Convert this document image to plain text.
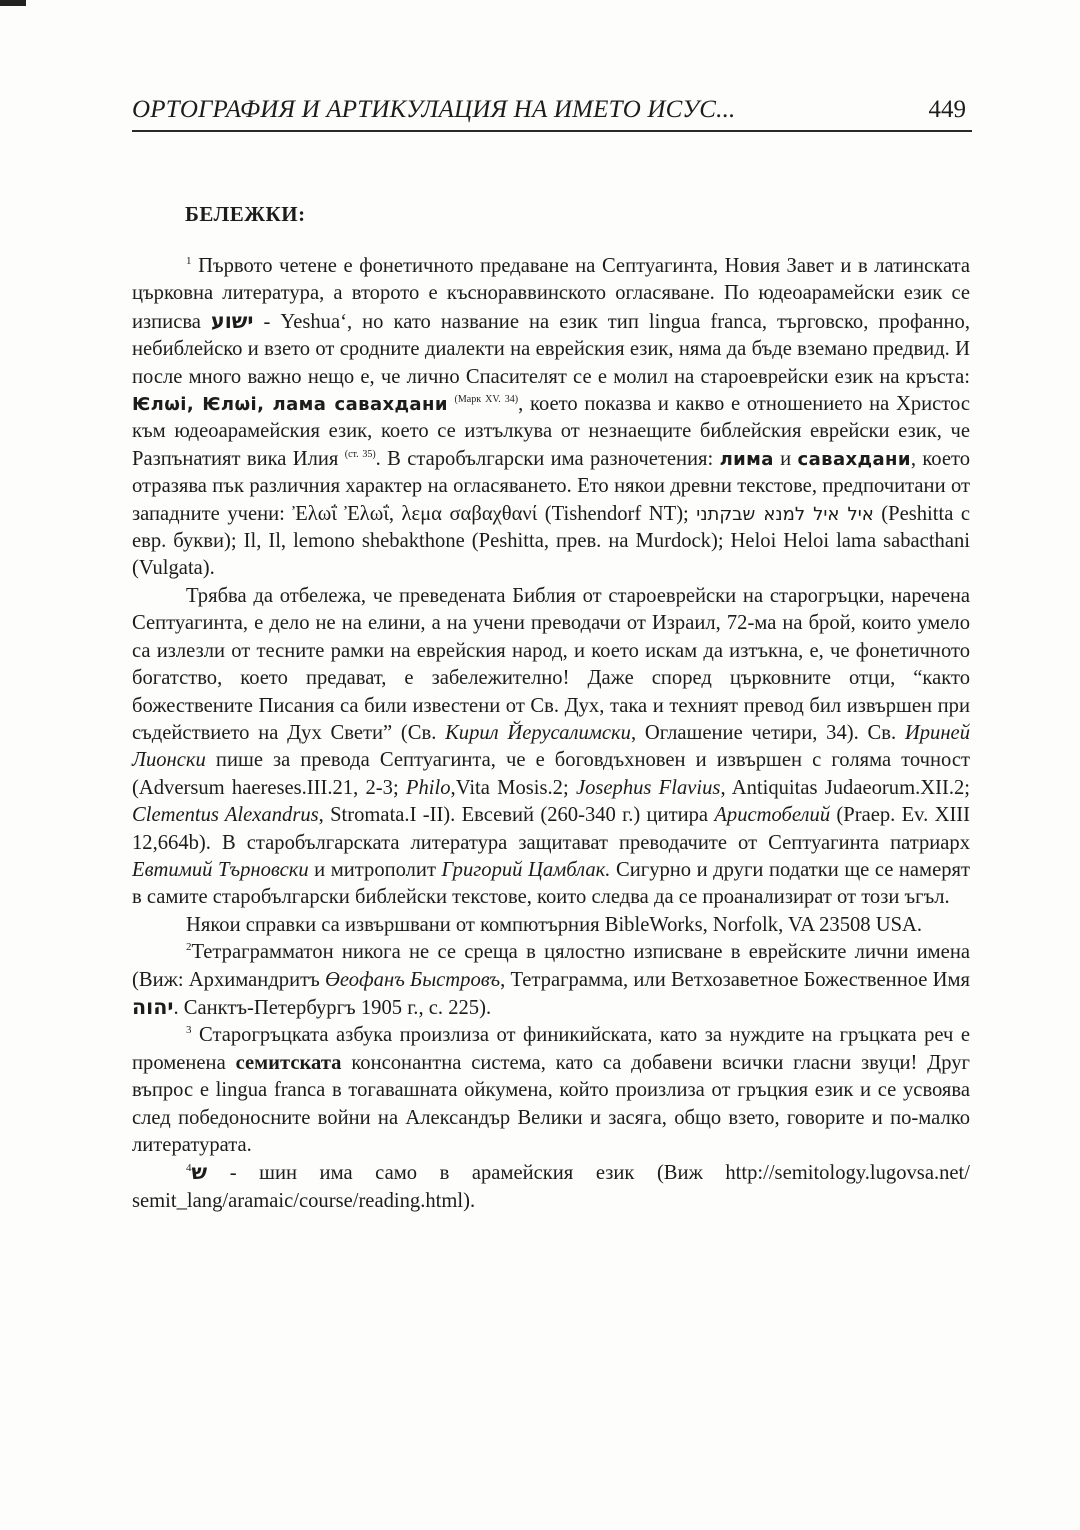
ОРТОГРАФИЯ И АРТИКУЛАЦИЯ НА ИМЕТО ИСУС...	449
БЕЛЕЖКИ:

$^1$ Първото четене е фонетичното предаване на Септуагинта, Новия Завет и в латинската църковна литература, а второто е къснораввинското огласяване. По юдеоарамейски език се изписва ישוע - Yeshua‘, но като название на език тип lingua franca, търговско, профанно, небиблейско и взето от сродните диалекти на еврейския език, няма да бъде вземано предвид. И после много важно нещо е, че лично Спасителят се е молил на староеврейски език на кръста: Ѥлѡі, Ѥлѡі, лама савахдани $^{(Марк XV. 34)}$, което показва и какво е отношението на Христос към юдеоарамейския език, което се изтълкува от незнаещите библейския еврейски език, че Разпънатият вика Илия $^{(ст. 35)}$. В старобългарски има разночетения: лима и савахдани, което отразява пък различния характер на огласяването. Ето някои древни текстове, предпочитани от западните учени: Ἐλωΐ Ἐλωΐ, λεμα σαβαχθανί (Tishendorf NT); איל איל למנא שבקתני (Peshitta с евр. букви); Il, Il, lemono shebakthone (Peshitta, прев. на Murdock); Heloi Heloi lama sabacthani (Vulgata).

Трябва да отбележа, че преведената Библия от староеврейски на старогръцки, наречена Септуагинта, е дело не на елини, а на учени преводачи от Израил, 72-ма на брой, които умело са излезли от тесните рамки на еврейския народ, и което искам да изтъкна, е, че фонетичното богатство, което предават, е забележително! Даже според църковните отци, “както божествените Писания са били известени от Св. Дух, така и техният превод бил извършен при съдействието на Дух Свети” (Св. Кирил Йерусалимски, Оглашение четири, 34). Св. Ириней Лионски пише за превода Септуагинта, че е боговдъхновен и извършен с голяма точност (Adversum haereses.III.21, 2-3; Philo,Vita Mosis.2; Josephus Flavius, Antiquitas Judaeorum.XII.2; Clementus Alexandrus, Stromata.I -II). Евсевий (260-340 г.) цитира Аристобелий (Praep. Ev. XIII 12,664b). В старобългарската литература защитават преводачите от Септуагинта патриарх Евтимий Търновски и митрополит Григорий Цамблак. Сигурно и други податки ще се намерят в самите старобългарски библейски текстове, които следва да се проанализират от този ъгъл.

Някои справки са извършвани от компютърния BibleWorks, Norfolk, VA 23508 USA.

$^2$Тетраграмматон никога не се среща в цялостно изписване в еврейските лични имена (Виж: Архимандритъ Өеофанъ Быстровъ, Тетраграмма, или Ветхозаветное Божественное Имя יהוה. Санктъ-Петербургъ 1905 г., с. 225).

$^3$ Старогръцката азбука произлиза от финикийската, като за нуждите на гръцката реч е променена семитската консонантна система, като са добавени всички гласни звуци! Друг въпрос е lingua franca в тогавашната ойкумена, който произлиза от гръцкия език и се усвоява след победоносните войни на Александър Велики и засяга, общо взето, говорите и по-малко литературата.

$^4$ש - шин има само в арамейския език (Виж http://semitology.lugovsa.net/ semit_lang/aramaic/course/reading.html).
